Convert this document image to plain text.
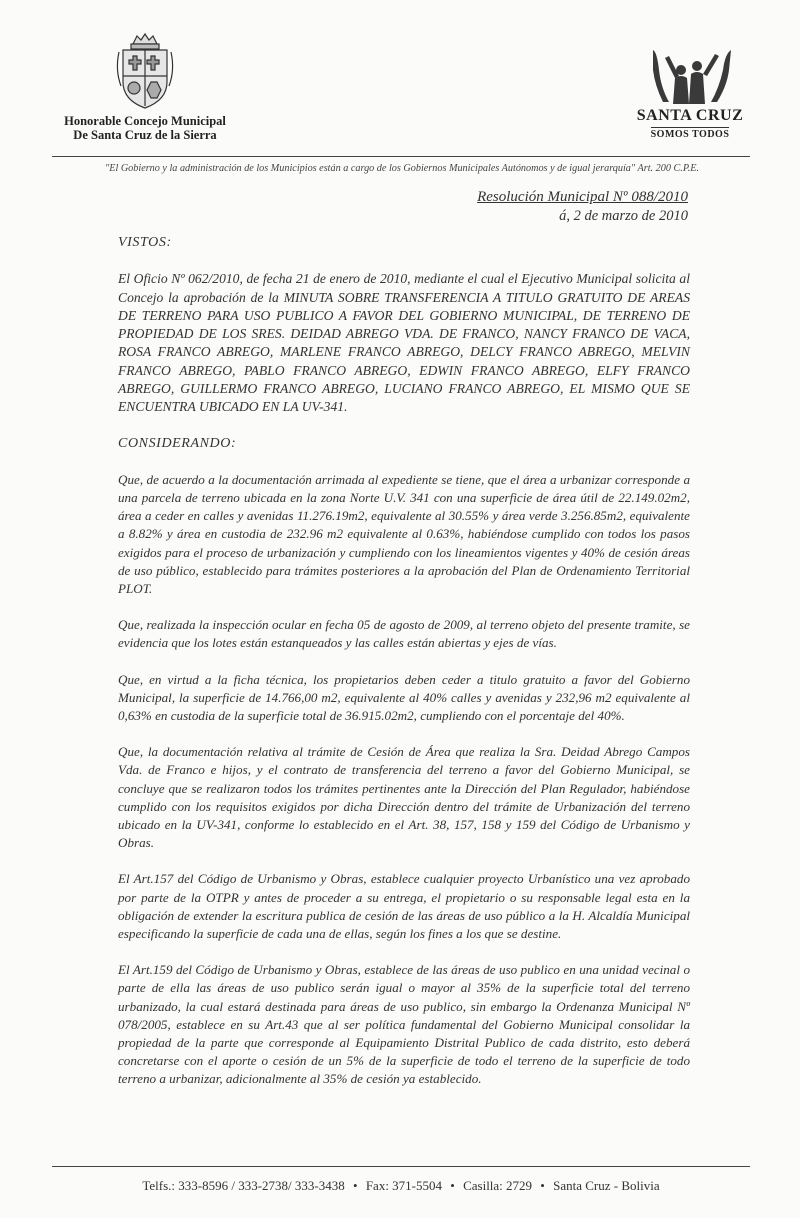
Honorable Concejo Municipal
De Santa Cruz de la Sierra
SANTA CRUZ
SOMOS TODOS
"El Gobierno y la administración de los Municipios están a cargo de los Gobiernos Municipales Autónomos y de igual jerarquía" Art. 200 C.P.E.
Resolución Municipal Nº 088/2010
á, 2 de marzo de 2010
VISTOS:

El Oficio Nº 062/2010, de fecha 21 de enero de 2010, mediante el cual el Ejecutivo Municipal solicita al Concejo la aprobación de la MINUTA SOBRE TRANSFERENCIA A TITULO GRATUITO DE AREAS DE TERRENO PARA USO PUBLICO A FAVOR DEL GOBIERNO MUNICIPAL, DE TERRENO DE PROPIEDAD DE LOS SRES. DEIDAD ABREGO VDA. DE FRANCO, NANCY FRANCO DE VACA, ROSA FRANCO ABREGO, MARLENE FRANCO ABREGO, DELCY FRANCO ABREGO, MELVIN FRANCO ABREGO, PABLO FRANCO ABREGO, EDWIN FRANCO ABREGO, ELFY FRANCO ABREGO, GUILLERMO FRANCO ABREGO, LUCIANO FRANCO ABREGO, EL MISMO QUE SE ENCUENTRA UBICADO EN LA UV-341.

CONSIDERANDO:

Que, de acuerdo a la documentación arrimada al expediente se tiene, que el área a urbanizar corresponde a una parcela de terreno ubicada en la zona Norte U.V. 341 con una superficie de área útil de 22.149.02m2, área a ceder en calles y avenidas 11.276.19m2, equivalente al 30.55% y área verde 3.256.85m2, equivalente a 8.82% y área en custodia de 232.96 m2 equivalente al 0.63%, habiéndose cumplido con todos los pasos exigidos para el proceso de urbanización y cumpliendo con los lineamientos vigentes y 40% de cesión áreas de uso público, establecido para trámites posteriores a la aprobación del Plan de Ordenamiento Territorial PLOT.

Que, realizada la inspección ocular en fecha 05 de agosto de 2009, al terreno objeto del presente tramite, se evidencia que los lotes están estanqueados y las calles están abiertas y ejes de vías.

Que, en virtud a la ficha técnica, los propietarios deben ceder a titulo gratuito a favor del Gobierno Municipal, la superficie de 14.766,00 m2, equivalente al 40% calles y avenidas y 232,96 m2 equivalente al 0,63% en custodia de la superficie total de 36.915.02m2, cumpliendo con el porcentaje del 40%.

Que, la documentación relativa al trámite de Cesión de Área que realiza la Sra. Deidad Abrego Campos Vda. de Franco e hijos, y el contrato de transferencia del terreno a favor del Gobierno Municipal, se concluye que se realizaron todos los trámites pertinentes ante la Dirección del Plan Regulador, habiéndose cumplido con los requisitos exigidos por dicha Dirección dentro del trámite de Urbanización del terreno ubicado en la UV-341, conforme lo establecido en el Art. 38, 157, 158 y 159 del Código de Urbanismo y Obras.

El Art.157 del Código de Urbanismo y Obras, establece cualquier proyecto Urbanístico una vez aprobado por parte de la OTPR y antes de proceder a su entrega, el propietario o su responsable legal esta en la obligación de extender la escritura publica de cesión de las áreas de uso público a la H. Alcaldía Municipal especificando la superficie de cada una de ellas, según los fines a los que se destine.

El Art.159 del Código de Urbanismo y Obras, establece de las áreas de uso publico en una unidad vecinal o parte de ella las áreas de uso publico serán igual o mayor al 35% de la superficie total del terreno urbanizado, la cual estará destinada para áreas de uso publico, sin embargo la Ordenanza Municipal Nº 078/2005, establece en su Art.43 que al ser política fundamental del Gobierno Municipal consolidar la propiedad de la parte que corresponde al Equipamiento Distrital Publico de cada distrito, esto deberá concretarse con el aporte o cesión de un 5% de la superficie de todo el terreno de la superficie de todo terreno a urbanizar, adicionalmente al 35% de cesión ya establecido.

Telfs.: 333-8596 / 333-2738/ 333-3438 • Fax: 371-5504 • Casilla: 2729 • Santa Cruz - Bolivia
